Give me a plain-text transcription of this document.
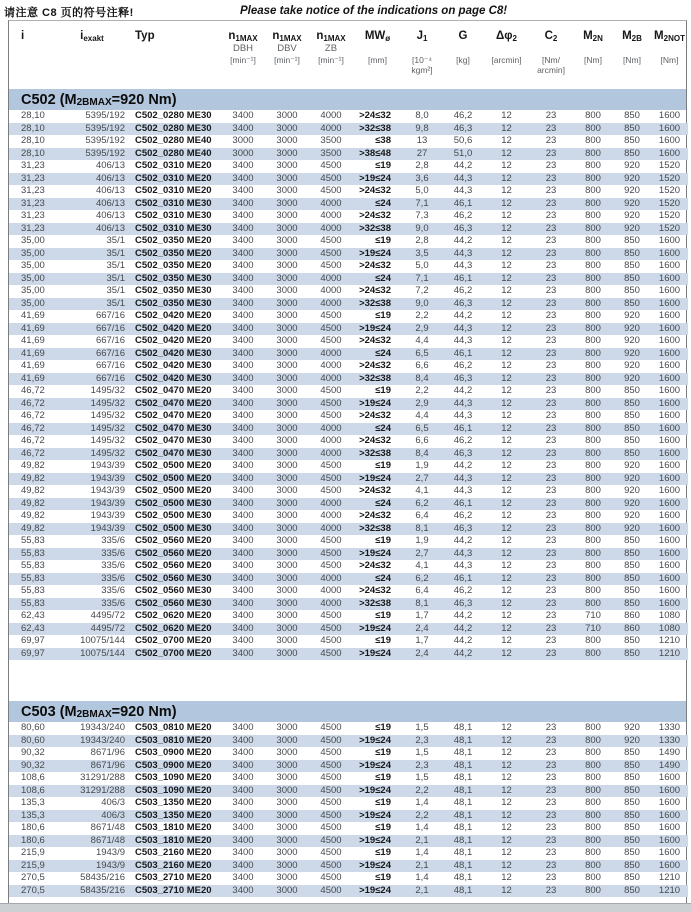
请注意 C8 页的符号注释!	Please take notice of the indications on page C8!
i	iexakt	Typ	n1MAX
DBH
[min⁻¹]

n1MAX
DBV
[min⁻¹]

n1MAX
ZB
[min⁻¹]

MWø
[mm]

J1
[10⁻⁴ kgm²]

G
[kg]

Δφ2
[arcmin]

C2
[Nm/ arcmin]

M2N
[Nm]

M2B
[Nm]

M2NOT
[Nm]
C502
(M2BMAX=920 Nm)
28,10	5395/192	C502_0280 ME30	3400	3000	4000	>24≤32	8,0	46,2	12	23	800	850	1600
28,10	5395/192	C502_0280 ME30	3400	3000	4000	>32≤38	9,8	46,3	12	23	800	850	1600
28,10	5395/192	C502_0280 ME40	3000	3000	3500	≤38	13	50,6	12	23	800	850	1600
28,10	5395/192	C502_0280 ME40	3000	3000	3500	>38≤48	27	51,0	12	23	800	850	1600
31,23	406/13	C502_0310 ME20	3400	3000	4500	≤19	2,8	44,2	12	23	800	920	1520
31,23	406/13	C502_0310 ME20	3400	3000	4500	>19≤24	3,6	44,3	12	23	800	920	1520
31,23	406/13	C502_0310 ME20	3400	3000	4500	>24≤32	5,0	44,3	12	23	800	920	1520
31,23	406/13	C502_0310 ME30	3400	3000	4000	≤24	7,1	46,1	12	23	800	920	1520
31,23	406/13	C502_0310 ME30	3400	3000	4000	>24≤32	7,3	46,2	12	23	800	920	1520
31,23	406/13	C502_0310 ME30	3400	3000	4000	>32≤38	9,0	46,3	12	23	800	920	1520
35,00	35/1	C502_0350 ME20	3400	3000	4500	≤19	2,8	44,2	12	23	800	850	1600
35,00	35/1	C502_0350 ME20	3400	3000	4500	>19≤24	3,5	44,3	12	23	800	850	1600
35,00	35/1	C502_0350 ME20	3400	3000	4500	>24≤32	5,0	44,3	12	23	800	850	1600
35,00	35/1	C502_0350 ME30	3400	3000	4000	≤24	7,1	46,1	12	23	800	850	1600
35,00	35/1	C502_0350 ME30	3400	3000	4000	>24≤32	7,2	46,2	12	23	800	850	1600
35,00	35/1	C502_0350 ME30	3400	3000	4000	>32≤38	9,0	46,3	12	23	800	850	1600
41,69	667/16	C502_0420 ME20	3400	3000	4500	≤19	2,2	44,2	12	23	800	920	1600
41,69	667/16	C502_0420 ME20	3400	3000	4500	>19≤24	2,9	44,3	12	23	800	920	1600
41,69	667/16	C502_0420 ME20	3400	3000	4500	>24≤32	4,4	44,3	12	23	800	920	1600
41,69	667/16	C502_0420 ME30	3400	3000	4000	≤24	6,5	46,1	12	23	800	920	1600
41,69	667/16	C502_0420 ME30	3400	3000	4000	>24≤32	6,6	46,2	12	23	800	920	1600
41,69	667/16	C502_0420 ME30	3400	3000	4000	>32≤38	8,4	46,3	12	23	800	920	1600
46,72	1495/32	C502_0470 ME20	3400	3000	4500	≤19	2,2	44,2	12	23	800	850	1600
46,72	1495/32	C502_0470 ME20	3400	3000	4500	>19≤24	2,9	44,3	12	23	800	850	1600
46,72	1495/32	C502_0470 ME20	3400	3000	4500	>24≤32	4,4	44,3	12	23	800	850	1600
46,72	1495/32	C502_0470 ME30	3400	3000	4000	≤24	6,5	46,1	12	23	800	850	1600
46,72	1495/32	C502_0470 ME30	3400	3000	4000	>24≤32	6,6	46,2	12	23	800	850	1600
46,72	1495/32	C502_0470 ME30	3400	3000	4000	>32≤38	8,4	46,3	12	23	800	850	1600
49,82	1943/39	C502_0500 ME20	3400	3000	4500	≤19	1,9	44,2	12	23	800	920	1600
49,82	1943/39	C502_0500 ME20	3400	3000	4500	>19≤24	2,7	44,3	12	23	800	920	1600
49,82	1943/39	C502_0500 ME20	3400	3000	4500	>24≤32	4,1	44,3	12	23	800	920	1600
49,82	1943/39	C502_0500 ME30	3400	3000	4000	≤24	6,2	46,1	12	23	800	920	1600
49,82	1943/39	C502_0500 ME30	3400	3000	4000	>24≤32	6,4	46,2	12	23	800	920	1600
49,82	1943/39	C502_0500 ME30	3400	3000	4000	>32≤38	8,1	46,3	12	23	800	920	1600
55,83	335/6	C502_0560 ME20	3400	3000	4500	≤19	1,9	44,2	12	23	800	850	1600
55,83	335/6	C502_0560 ME20	3400	3000	4500	>19≤24	2,7	44,3	12	23	800	850	1600
55,83	335/6	C502_0560 ME20	3400	3000	4500	>24≤32	4,1	44,3	12	23	800	850	1600
55,83	335/6	C502_0560 ME30	3400	3000	4000	≤24	6,2	46,1	12	23	800	850	1600
55,83	335/6	C502_0560 ME30	3400	3000	4000	>24≤32	6,4	46,2	12	23	800	850	1600
55,83	335/6	C502_0560 ME30	3400	3000	4000	>32≤38	8,1	46,3	12	23	800	850	1600
62,43	4495/72	C502_0620 ME20	3400	3000	4500	≤19	1,7	44,2	12	23	710	860	1080
62,43	4495/72	C502_0620 ME20	3400	3000	4500	>19≤24	2,4	44,2	12	23	710	860	1080
69,97	10075/144	C502_0700 ME20	3400	3000	4500	≤19	1,7	44,2	12	23	800	850	1210
69,97	10075/144	C502_0700 ME20	3400	3000	4500	>19≤24	2,4	44,2	12	23	800	850	1210
C503
(M2BMAX=920 Nm)
80,60	19343/240	C503_0810 ME20	3400	3000	4500	≤19	1,5	48,1	12	23	800	920	1330
80,60	19343/240	C503_0810 ME20	3400	3000	4500	>19≤24	2,3	48,1	12	23	800	920	1330
90,32	8671/96	C503_0900 ME20	3400	3000	4500	≤19	1,5	48,1	12	23	800	850	1490
90,32	8671/96	C503_0900 ME20	3400	3000	4500	>19≤24	2,3	48,1	12	23	800	850	1490
108,6	31291/288	C503_1090 ME20	3400	3000	4500	≤19	1,5	48,1	12	23	800	850	1600
108,6	31291/288	C503_1090 ME20	3400	3000	4500	>19≤24	2,2	48,1	12	23	800	850	1600
135,3	406/3	C503_1350 ME20	3400	3000	4500	≤19	1,4	48,1	12	23	800	850	1600
135,3	406/3	C503_1350 ME20	3400	3000	4500	>19≤24	2,2	48,1	12	23	800	850	1600
180,6	8671/48	C503_1810 ME20	3400	3000	4500	≤19	1,4	48,1	12	23	800	850	1600
180,6	8671/48	C503_1810 ME20	3400	3000	4500	>19≤24	2,1	48,1	12	23	800	850	1600
215,9	1943/9	C503_2160 ME20	3400	3000	4500	≤19	1,4	48,1	12	23	800	850	1600
215,9	1943/9	C503_2160 ME20	3400	3000	4500	>19≤24	2,1	48,1	12	23	800	850	1600
270,5	58435/216	C503_2710 ME20	3400	3000	4500	≤19	1,4	48,1	12	23	800	850	1210
270,5	58435/216	C503_2710 ME20	3400	3000	4500	>19≤24	2,1	48,1	12	23	800	850	1210
